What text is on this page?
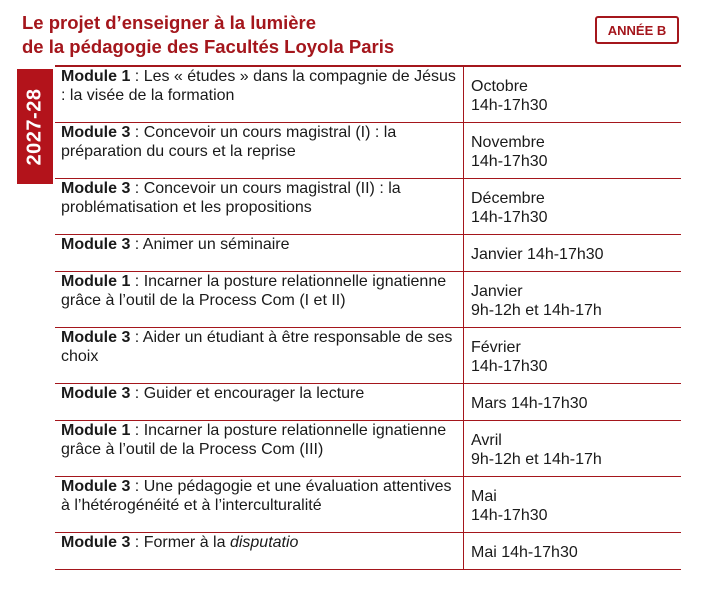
Le projet d’enseigner à la lumière
de la pédagogie des Facultés Loyola Paris
ANNÉE B
2027-28
Module 1 : Les « études » dans la compagnie de Jésus : la visée de la formation	Octobre
14h-17h30

Module 3 : Concevoir un cours magistral (I) : la préparation du cours et la reprise	Novembre
14h-17h30

Module 3 : Concevoir un cours magistral (II) : la problématisation et les propositions	Décembre
14h-17h30

Module 3 : Animer un séminaire	Janvier 14h-17h30

Module 1 : Incarner la posture relationnelle ignatienne grâce à l’outil de la Process Com (I et II)	Janvier
9h-12h et 14h-17h

Module 3 : Aider un étudiant à être responsable de ses choix	Février
14h-17h30

Module 3 : Guider et encourager la lecture	Mars 14h-17h30

Module 1 : Incarner la posture relationnelle ignatienne grâce à l’outil de la Process Com (III)	Avril
9h-12h et 14h-17h

Module 3 : Une pédagogie et une évaluation attentives à l’hétérogénéité et à l’interculturalité	Mai
14h-17h30

Module 3 : Former à la disputatio	Mai 14h-17h30
